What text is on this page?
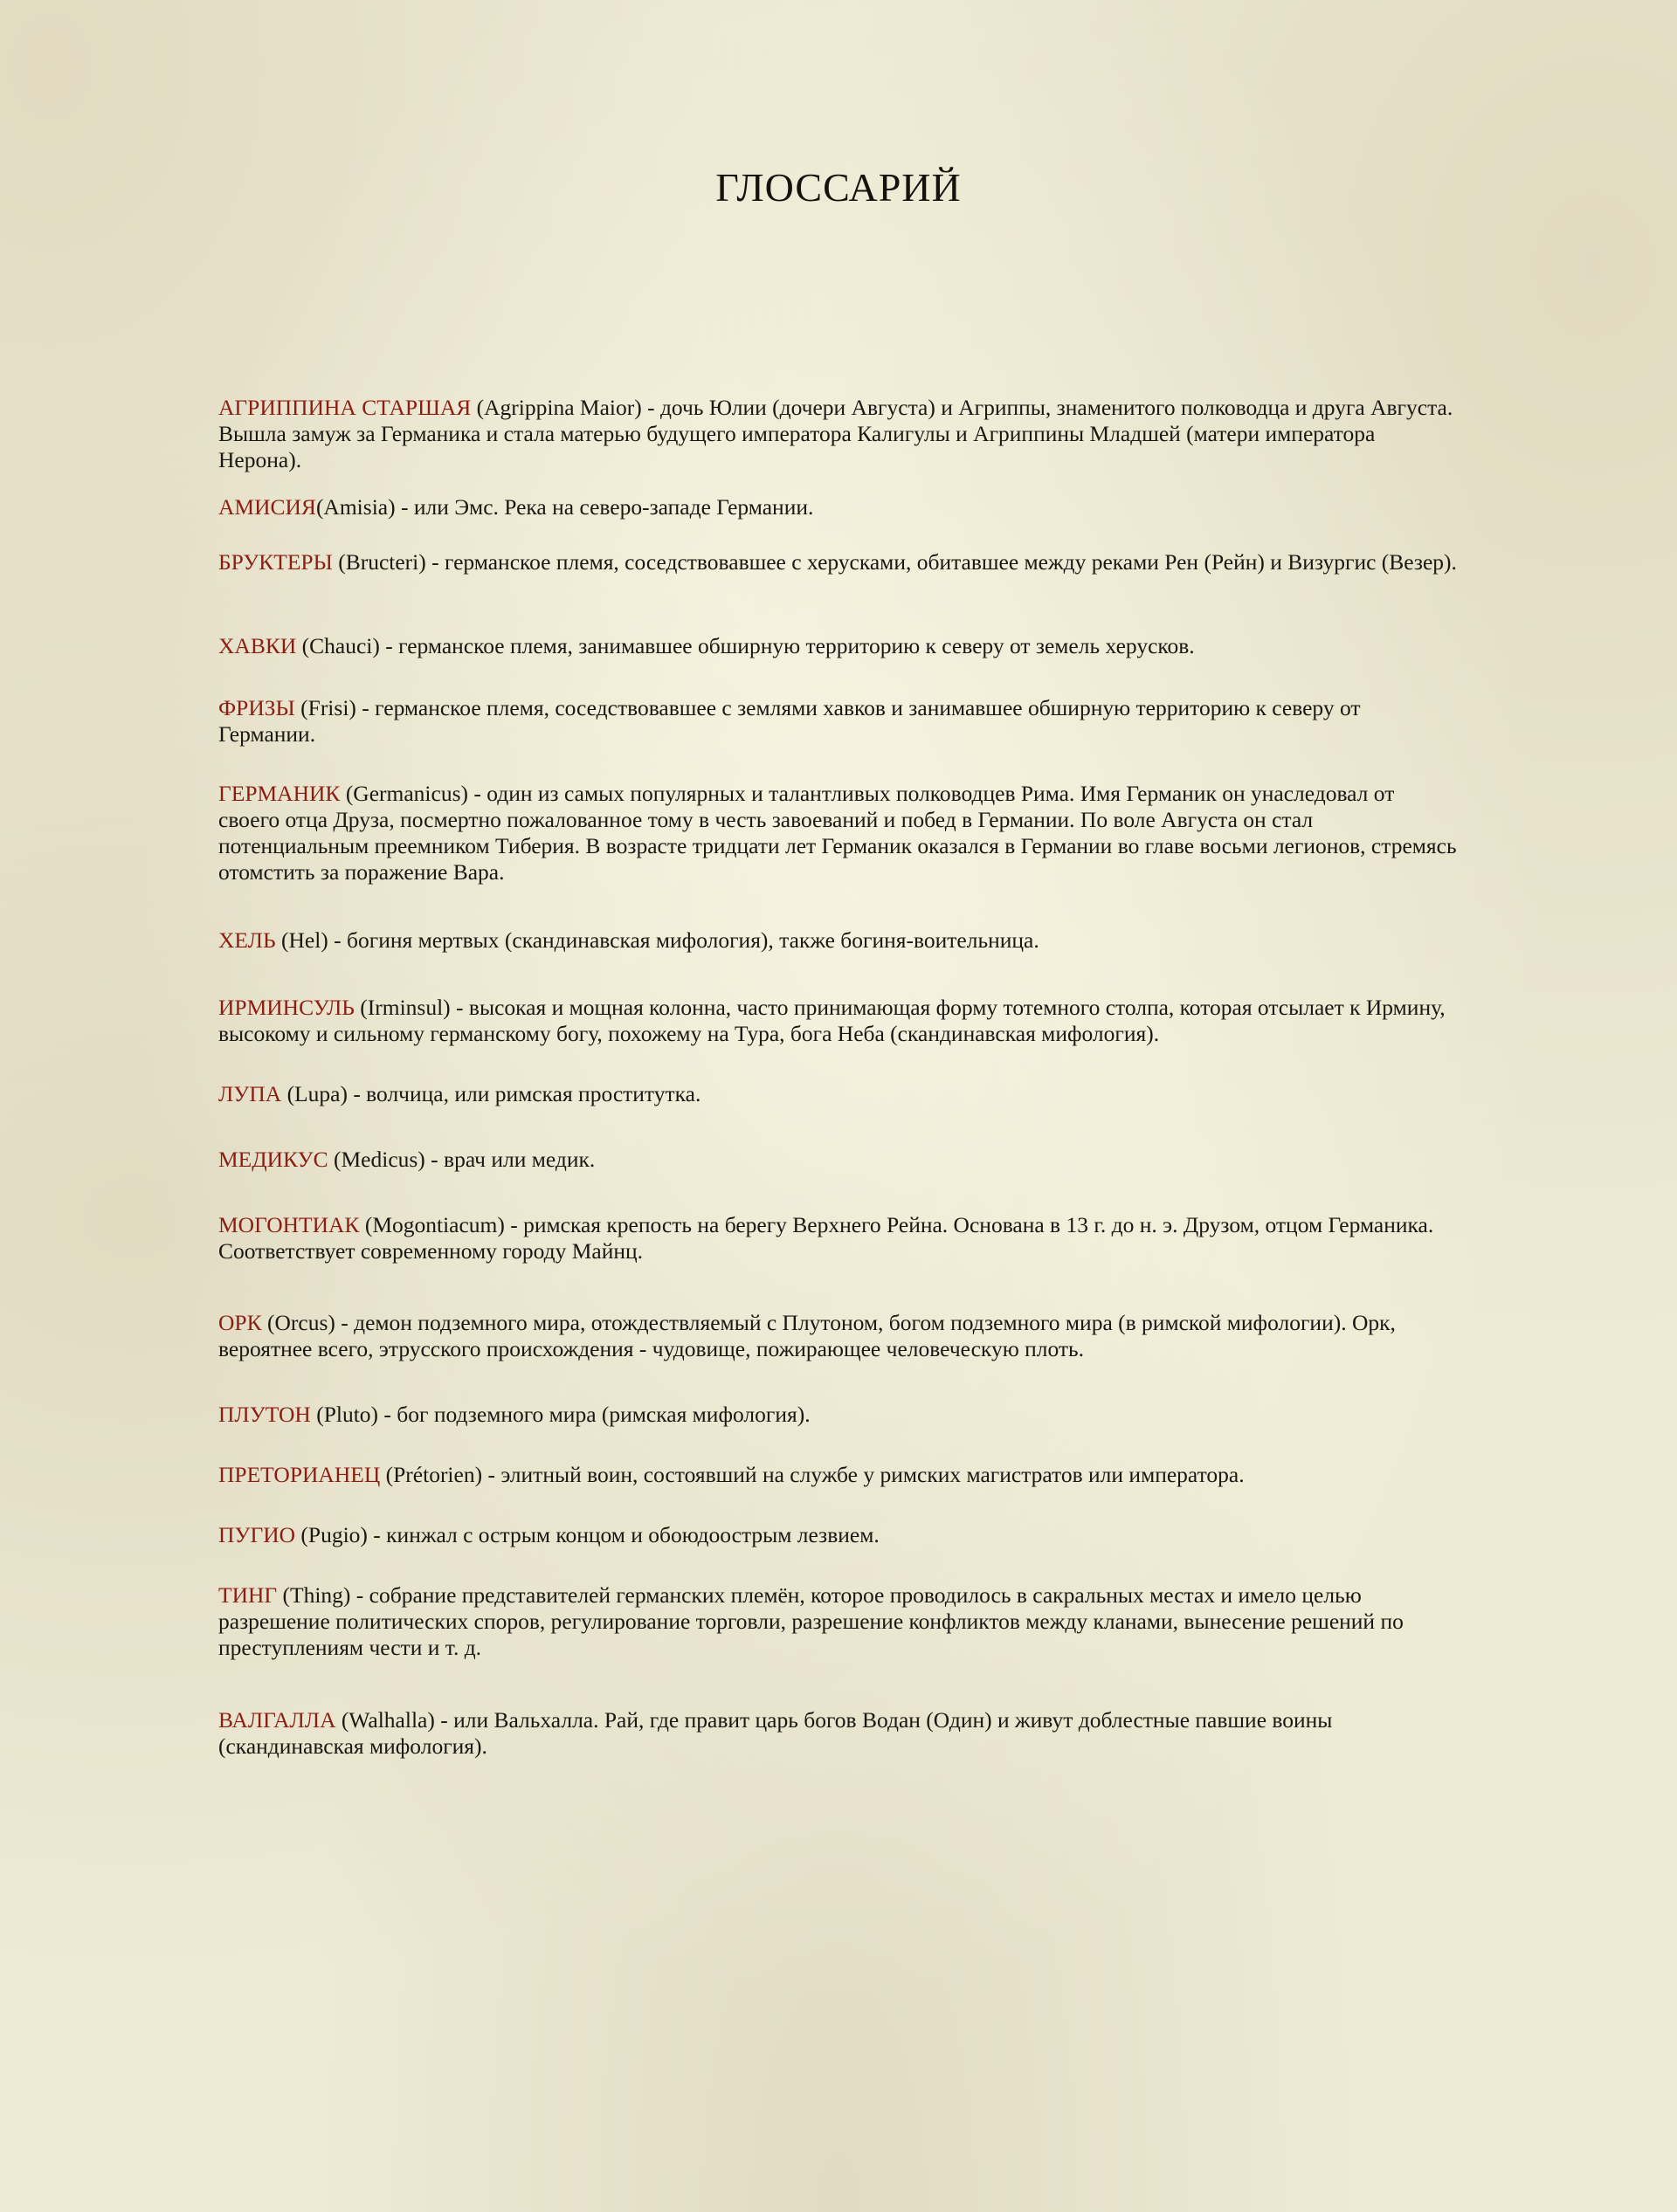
ГЛОССАРИЙ
АГРИППИНА СТАРШАЯ (Agrippina Maior) - дочь Юлии (дочери Августа) и Агриппы, знаменитого полководца и друга Августа. Вышла замуж за Германика и стала матерью будущего императора Калигулы и Агриппины Младшей (матери императора Нерона).
АМИСИЯ(Amisia) - или Эмс. Река на северо-западе Германии.
БРУКТЕРЫ (Bructeri) - германское племя, соседствовавшее с херусками, обитавшее между реками Рен (Рейн) и Визургис (Везер).
ХАВКИ (Chauci) - германское племя, занимавшее обширную территорию к северу от земель херусков.
ФРИЗЫ (Frisi) - германское племя, соседствовавшее с землями хавков и занимавшее обширную территорию к северу от Германии.
ГЕРМАНИК (Germanicus) - один из самых популярных и талантливых полководцев Рима. Имя Германик он унаследовал от своего отца Друза, посмертно пожалованное тому в честь завоеваний и побед в Германии. По воле Августа он стал потенциальным преемником Тиберия. В возрасте тридцати лет Германик оказался в Германии во главе восьми легионов, стремясь отомстить за поражение Вара.
ХЕЛЬ (Hel) - богиня мертвых (скандинавская мифология), также богиня-воительница.
ИРМИНСУЛЬ (Irminsul) - высокая и мощная колонна, часто принимающая форму тотемного столпа, которая отсылает к Ирмину, высокому и сильному германскому богу, похожему на Тура, бога Неба (скандинавская мифология).
ЛУПА (Lupa) - волчица, или римская проститутка.
МЕДИКУС (Medicus) - врач или медик.
МОГОНТИАК (Mogontiacum) - римская крепость на берегу Верхнего Рейна. Основана в 13 г. до н. э. Друзом, отцом Германика. Соответствует современному городу Майнц.
ОРК (Orcus) - демон подземного мира, отождествляемый с Плутоном, богом подземного мира (в римской мифологии). Орк, вероятнее всего, этрусского происхождения - чудовище, пожирающее человеческую плоть.
ПЛУТОН (Pluto) - бог подземного мира (римская мифология).
ПРЕТОРИАНЕЦ (Prétorien) - элитный воин, состоявший на службе у римских магистратов или императора.
ПУГИО (Pugio) - кинжал с острым концом и обоюдоострым лезвием.
ТИНГ (Thing) - собрание представителей германских племён, которое проводилось в сакральных местах и имело целью разрешение политических споров, регулирование торговли, разрешение конфликтов между кланами, вынесение решений по преступлениям чести и т. д.
ВАЛГАЛЛА (Walhalla) - или Вальхалла. Рай, где правит царь богов Водан (Один) и живут доблестные павшие воины (скандинавская мифология).
